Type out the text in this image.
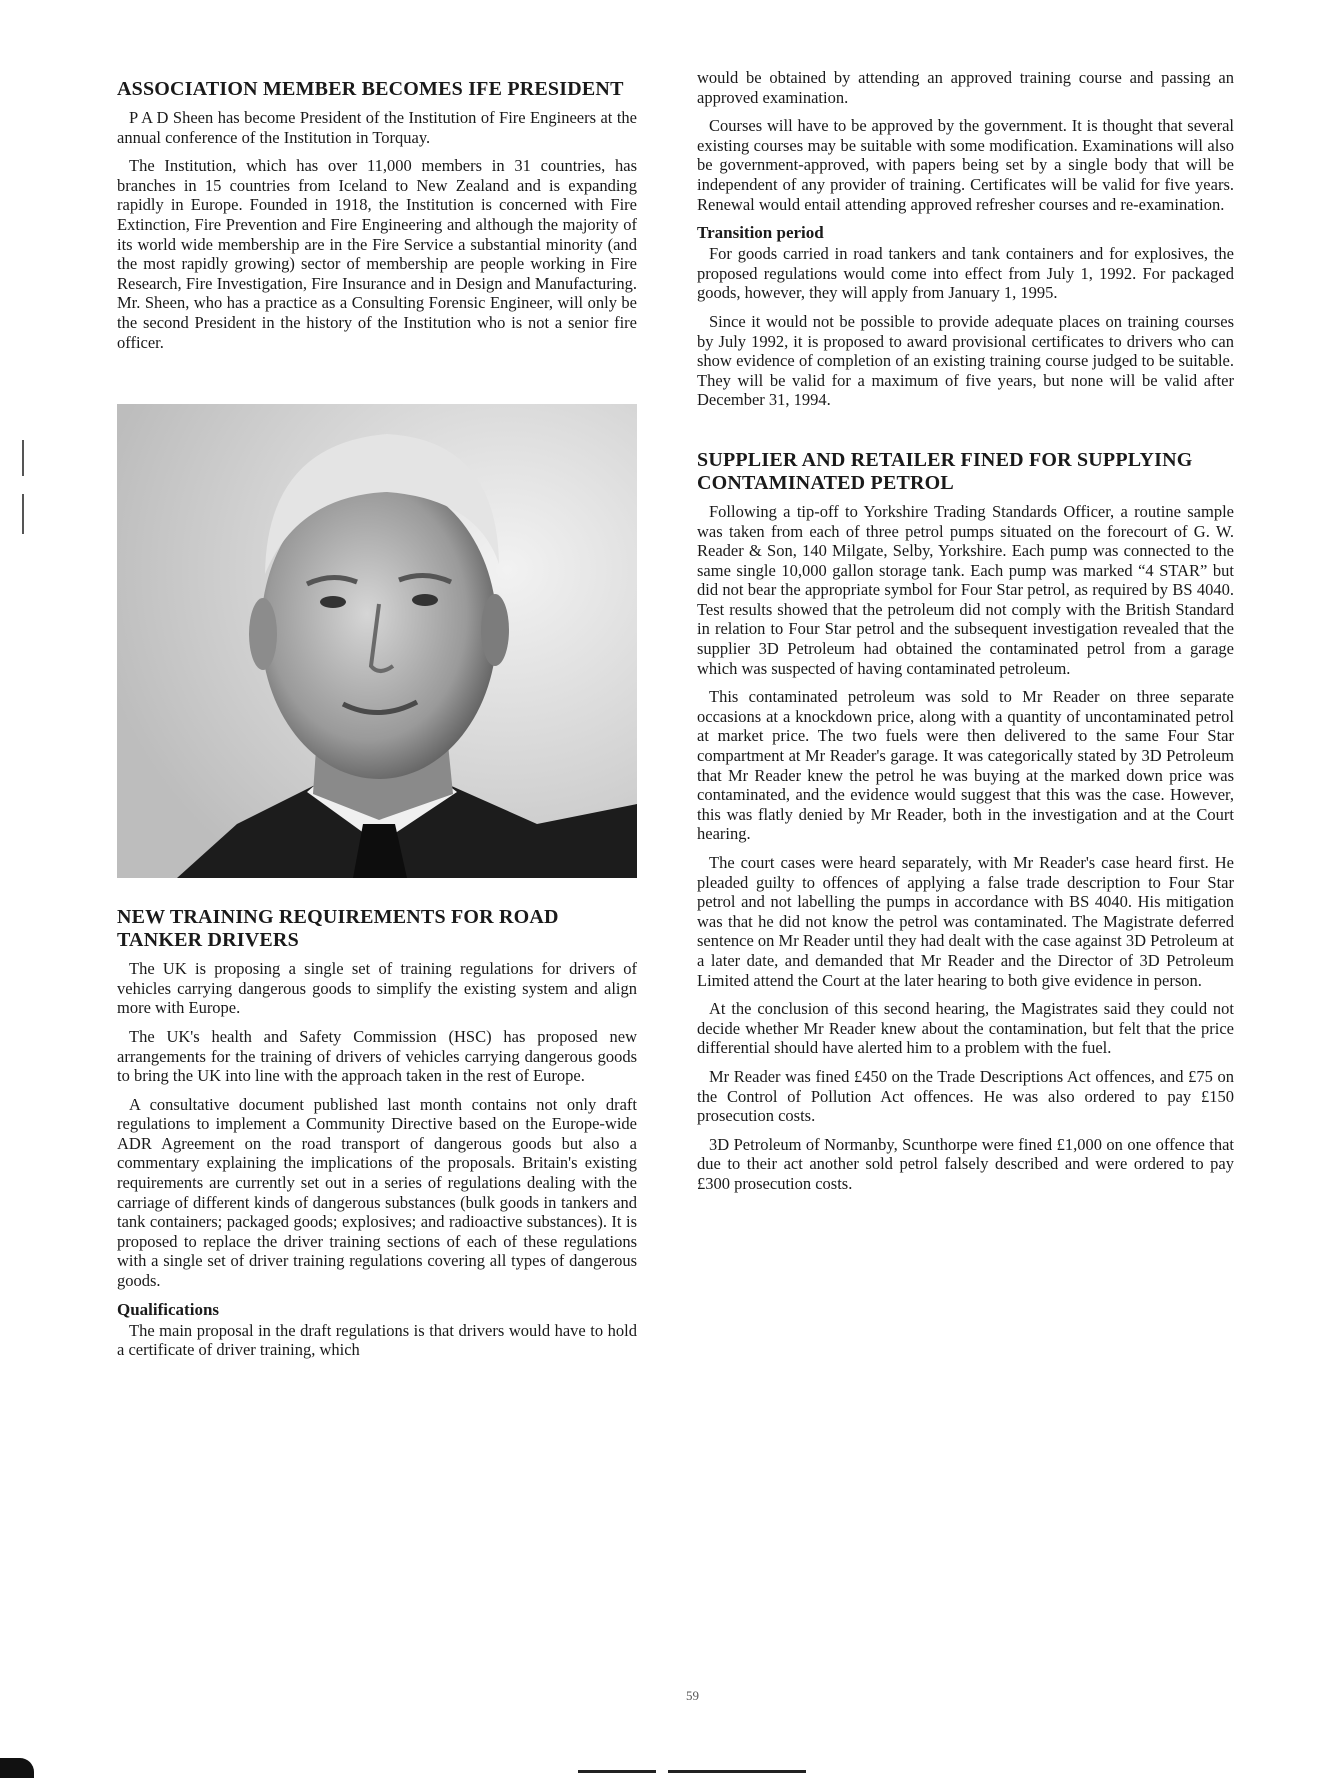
ASSOCIATION MEMBER BECOMES IFE PRESIDENT

P A D Sheen has become President of the Institution of Fire Engineers at the annual conference of the Institution in Torquay.

The Institution, which has over 11,000 members in 31 countries, has branches in 15 countries from Iceland to New Zealand and is expanding rapidly in Europe. Founded in 1918, the Institution is concerned with Fire Extinction, Fire Prevention and Fire Engineering and although the majority of its world wide membership are in the Fire Service a substantial minority (and the most rapidly growing) sector of membership are people working in Fire Research, Fire Investigation, Fire Insurance and in Design and Manufacturing. Mr. Sheen, who has a practice as a Consulting Forensic Engineer, will only be the second President in the history of the Institution who is not a senior fire officer.

NEW TRAINING REQUIREMENTS FOR ROAD TANKER DRIVERS

The UK is proposing a single set of training regulations for drivers of vehicles carrying dangerous goods to simplify the existing system and align more with Europe.

The UK's health and Safety Commission (HSC) has proposed new arrangements for the training of drivers of vehicles carrying dangerous goods to bring the UK into line with the approach taken in the rest of Europe.

A consultative document published last month contains not only draft regulations to implement a Community Directive based on the Europe-wide ADR Agreement on the road transport of dangerous goods but also a commentary explaining the implications of the proposals. Britain's existing requirements are currently set out in a series of regulations dealing with the carriage of different kinds of dangerous substances (bulk goods in tankers and tank containers; packaged goods; explosives; and radioactive substances). It is proposed to replace the driver training sections of each of these regulations with a single set of driver training regulations covering all types of dangerous goods.

Qualifications

The main proposal in the draft regulations is that drivers would have to hold a certificate of driver training, which

would be obtained by attending an approved training course and passing an approved examination.

Courses will have to be approved by the government. It is thought that several existing courses may be suitable with some modification. Examinations will also be government-approved, with papers being set by a single body that will be independent of any provider of training. Certificates will be valid for five years. Renewal would entail attending approved refresher courses and re-examination.

Transition period

For goods carried in road tankers and tank containers and for explosives, the proposed regulations would come into effect from July 1, 1992. For packaged goods, however, they will apply from January 1, 1995.

Since it would not be possible to provide adequate places on training courses by July 1992, it is proposed to award provisional certificates to drivers who can show evidence of completion of an existing training course judged to be suitable. They will be valid for a maximum of five years, but none will be valid after December 31, 1994.

SUPPLIER AND RETAILER FINED FOR SUPPLYING CONTAMINATED PETROL

Following a tip-off to Yorkshire Trading Standards Officer, a routine sample was taken from each of three petrol pumps situated on the forecourt of G. W. Reader & Son, 140 Milgate, Selby, Yorkshire. Each pump was connected to the same single 10,000 gallon storage tank. Each pump was marked “4 STAR” but did not bear the appropriate symbol for Four Star petrol, as required by BS 4040. Test results showed that the petroleum did not comply with the British Standard in relation to Four Star petrol and the subsequent investigation revealed that the supplier 3D Petroleum had obtained the contaminated petrol from a garage which was suspected of having contaminated petroleum.

This contaminated petroleum was sold to Mr Reader on three separate occasions at a knockdown price, along with a quantity of uncontaminated petrol at market price. The two fuels were then delivered to the same Four Star compartment at Mr Reader's garage. It was categorically stated by 3D Petroleum that Mr Reader knew the petrol he was buying at the marked down price was contaminated, and the evidence would suggest that this was the case. However, this was flatly denied by Mr Reader, both in the investigation and at the Court hearing.

The court cases were heard separately, with Mr Reader's case heard first. He pleaded guilty to offences of applying a false trade description to Four Star petrol and not labelling the pumps in accordance with BS 4040. His mitigation was that he did not know the petrol was contaminated. The Magistrate deferred sentence on Mr Reader until they had dealt with the case against 3D Petroleum at a later date, and demanded that Mr Reader and the Director of 3D Petroleum Limited attend the Court at the later hearing to both give evidence in person.

At the conclusion of this second hearing, the Magistrates said they could not decide whether Mr Reader knew about the contamination, but felt that the price differential should have alerted him to a problem with the fuel.

Mr Reader was fined £450 on the Trade Descriptions Act offences, and £75 on the Control of Pollution Act offences. He was also ordered to pay £150 prosecution costs.

3D Petroleum of Normanby, Scunthorpe were fined £1,000 on one offence that due to their act another sold petrol falsely described and were ordered to pay £300 prosecution costs.

59
